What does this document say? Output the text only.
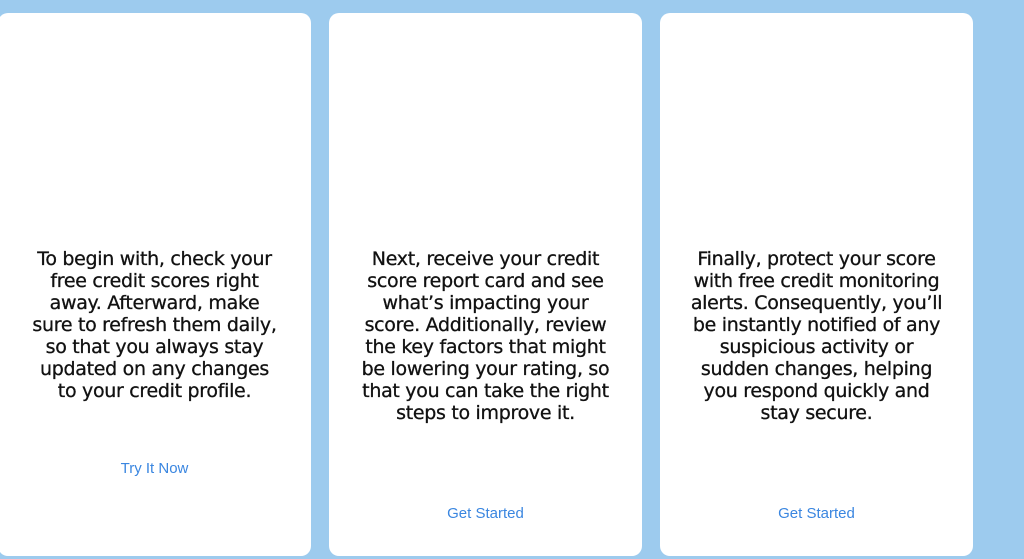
To begin with, check your free credit scores right away. Afterward, make sure to refresh them daily, so that you always stay updated on any changes to your credit profile.

Try It Now

Next, receive your credit score report card and see what’s impacting your score. Additionally, review the key factors that might be lowering your rating, so that you can take the right steps to improve it.

Get Started

Finally, protect your score with free credit monitoring alerts. Consequently, you’ll be instantly notified of any suspicious activity or sudden changes, helping you respond quickly and stay secure.

Get Started
